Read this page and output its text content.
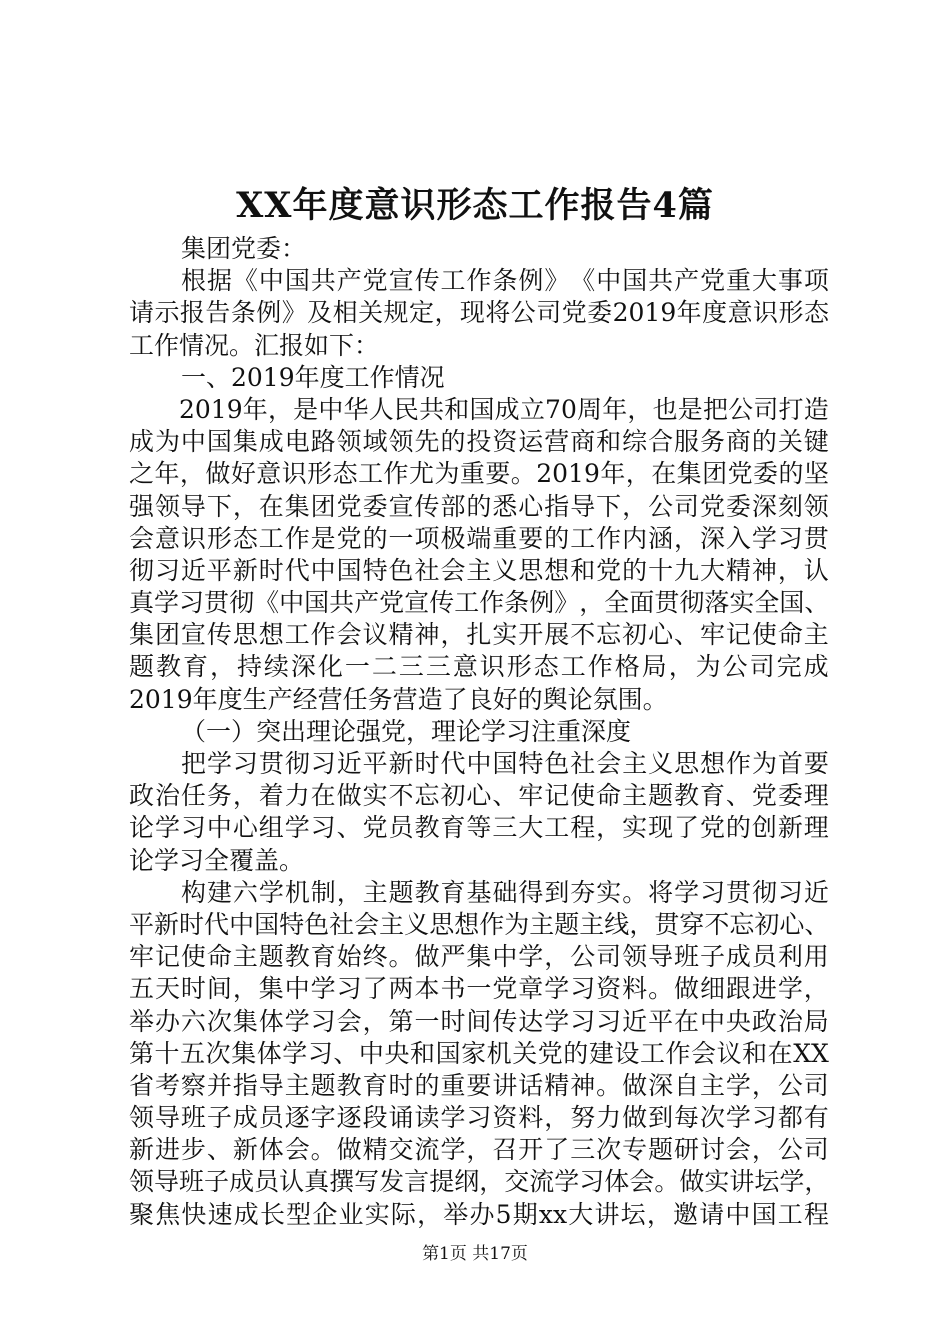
XX年度意识形态工作报告4篇
集团党委：
根 据 《 中 国 共 产 党 宣 传 工 作 条 例 》 《 中 国 共 产 党 重 大 事 项
请 示 报 告 条 例 》 及 相 关 规 定 ， 现 将 公 司 党 委 2019 年 度 意 识 形 态
工作情况。汇报如下：
一、2019年度工作情况
2019 年 ， 是 中 华 人 民 共 和 国 成 立 70 周 年 ， 也 是 把 公 司 打 造
成 为 中 国 集 成 电 路 领 域 领 先 的 投 资 运 营 商 和 综 合 服 务 商 的 关 键
之 年 ， 做 好 意 识 形 态 工 作 尤 为 重 要 。 2019 年 ， 在 集 团 党 委 的 坚
强 领 导 下 ， 在 集 团 党 委 宣 传 部 的 悉 心 指 导 下 ， 公 司 党 委 深 刻 领
会 意 识 形 态 工 作 是 党 的 一 项 极 端 重 要 的 工 作 内 涵 ， 深 入 学 习 贯
彻 习 近 平 新 时 代 中 国 特 色 社 会 主 义 思 想 和 党 的 十 九 大 精 神 ， 认
真 学 习 贯 彻 《 中 国 共 产 党 宣 传 工 作 条 例 》 ， 全 面 贯 彻 落 实 全 国 、
集 团 宣 传 思 想 工 作 会 议 精 神 ， 扎 实 开 展 不 忘 初 心 、 牢 记 使 命 主
题 教 育 ， 持 续 深 化 一 二 三 三 意 识 形 态 工 作 格 局 ， 为 公 司 完 成
2019年度生产经营任务营造了良好的舆论氛围。
（一）突出理论强党，理论学习注重深度
把 学 习 贯 彻 习 近 平 新 时 代 中 国 特 色 社 会 主 义 思 想 作 为 首 要
政 治 任 务 ， 着 力 在 做 实 不 忘 初 心 、 牢 记 使 命 主 题 教 育 、 党 委 理
论 学 习 中 心 组 学 习 、 党 员 教 育 等 三 大 工 程 ， 实 现 了 党 的 创 新 理
论学习全覆盖。
构 建 六 学 机 制 ， 主 题 教 育 基 础 得 到 夯 实 。 将 学 习 贯 彻 习 近
平 新 时 代 中 国 特 色 社 会 主 义 思 想 作 为 主 题 主 线 ， 贯 穿 不 忘 初 心 、
牢 记 使 命 主 题 教 育 始 终 。 做 严 集 中 学 ， 公 司 领 导 班 子 成 员 利 用
五 天 时 间 ， 集 中 学 习 了 两 本 书 一 党 章 学 习 资 料 。 做 细 跟 进 学 ，
举 办 六 次 集 体 学 习 会 ， 第 一 时 间 传 达 学 习 习 近 平 在 中 央 政 治 局
第 十 五 次 集 体 学 习 、 中 央 和 国 家 机 关 党 的 建 设 工 作 会 议 和 在 XX
省 考 察 并 指 导 主 题 教 育 时 的 重 要 讲 话 精 神 。 做 深 自 主 学 ， 公 司
领 导 班 子 成 员 逐 字 逐 段 诵 读 学 习 资 料 ， 努 力 做 到 每 次 学 习 都 有
新 进 步 、 新 体 会 。 做 精 交 流 学 ， 召 开 了 三 次 专 题 研 讨 会 ， 公 司
领 导 班 子 成 员 认 真 撰 写 发 言 提 纲 ， 交 流 学 习 体 会 。 做 实 讲 坛 学 ，
聚 焦 快 速 成 长 型 企 业 实 际 ， 举 办 5 期 xx 大 讲 坛 ， 邀 请 中 国 工 程
第1页 共17页
